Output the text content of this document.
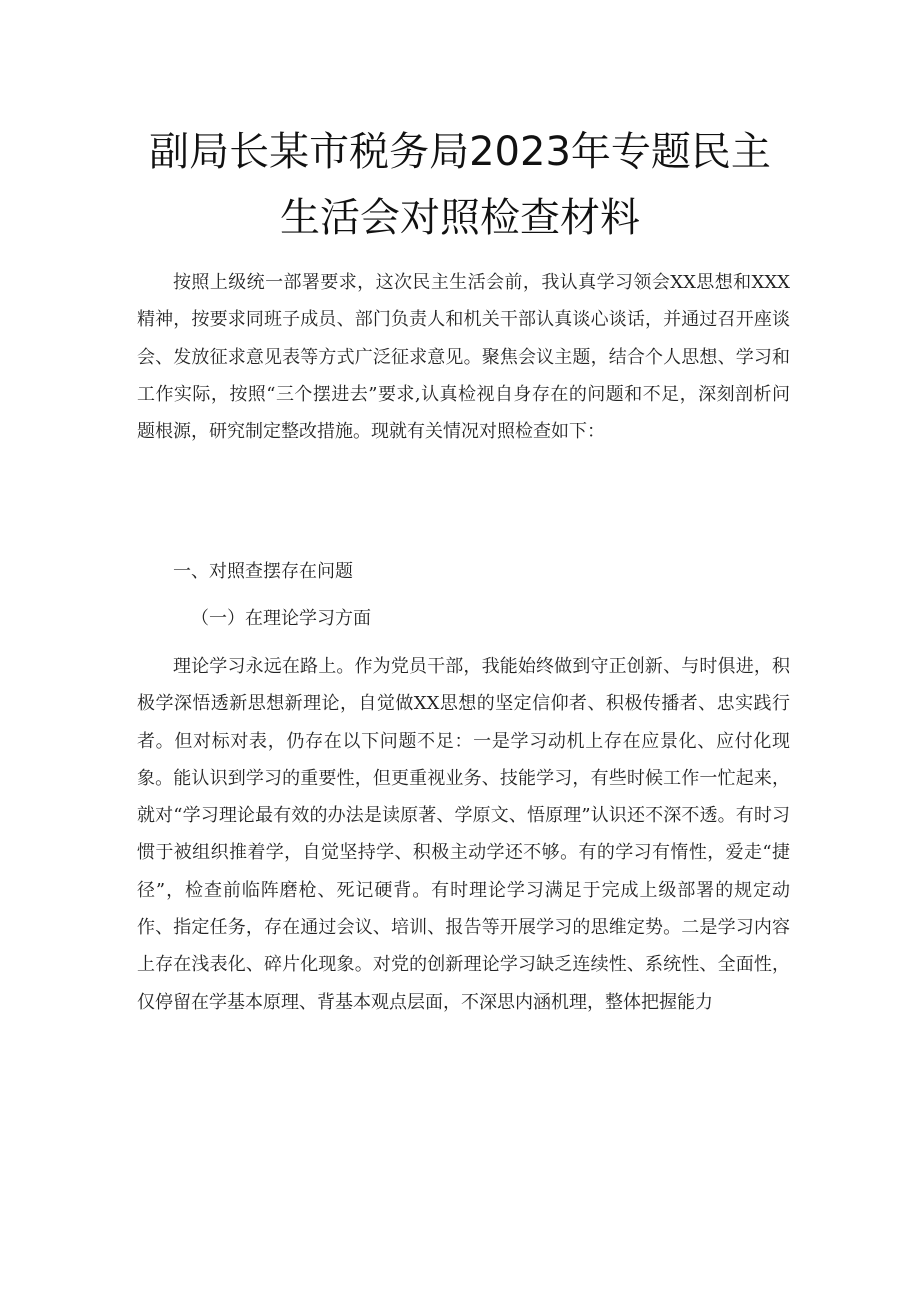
副局长某市税务局2023年专题民主
生活会对照检查材料

按照上级统一部署要求，这次民主生活会前，我认真学习领会XX思想和XXX精神，按要求同班子成员、部门负责人和机关干部认真谈心谈话，并通过召开座谈会、发放征求意见表等方式广泛征求意见。聚焦会议主题，结合个人思想、学习和工作实际，按照“三个摆进去”要求,认真检视自身存在的问题和不足，深刻剖析问题根源，研究制定整改措施。现就有关情况对照检查如下：

一、对照查摆存在问题

（一）在理论学习方面

理论学习永远在路上。作为党员干部，我能始终做到守正创新、与时俱进，积极学深悟透新思想新理论，自觉做XX思想的坚定信仰者、积极传播者、忠实践行者。但对标对表，仍存在以下问题不足：一是学习动机上存在应景化、应付化现象。能认识到学习的重要性，但更重视业务、技能学习，有些时候工作一忙起来，就对“学习理论最有效的办法是读原著、学原文、悟原理”认识还不深不透。有时习惯于被组织推着学，自觉坚持学、积极主动学还不够。有的学习有惰性，爱走“捷径”，检查前临阵磨枪、死记硬背。有时理论学习满足于完成上级部署的规定动作、指定任务，存在通过会议、培训、报告等开展学习的思维定势。二是学习内容上存在浅表化、碎片化现象。对党的创新理论学习缺乏连续性、系统性、全面性，仅停留在学基本原理、背基本观点层面，不深思内涵机理，整体把握能力
